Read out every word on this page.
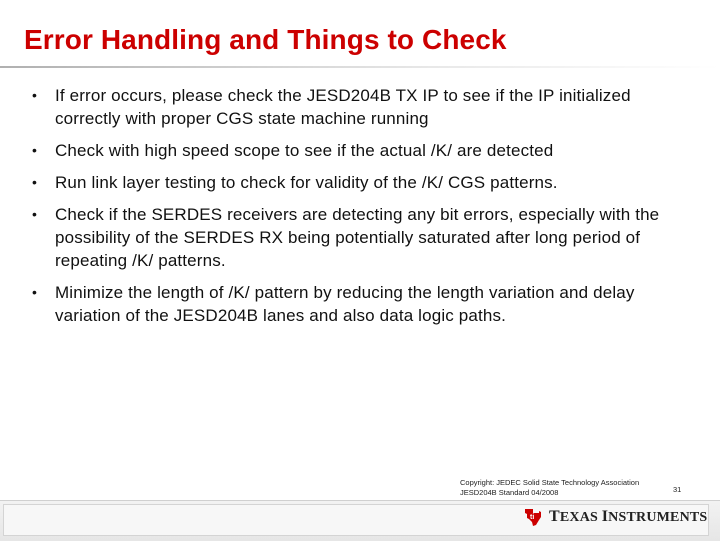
Error Handling and Things to Check
•	If error occurs, please check the JESD204B TX IP to see if the IP initialized correctly with proper CGS state machine running
•	Check with high speed scope to see if the actual /K/ are detected
•	Run link layer testing to check for validity of the /K/ CGS patterns.
•	Check if the SERDES receivers are detecting any bit errors, especially with the possibility of the SERDES RX being potentially saturated after long period of repeating /K/ patterns.
•	Minimize the length of /K/ pattern by reducing the length variation and delay variation of the JESD204B lanes and also data logic paths.
Copyright: JEDEC Solid State Technology Association
JESD204B Standard 04/2008	31
ti TEXAS INSTRUMENTS
